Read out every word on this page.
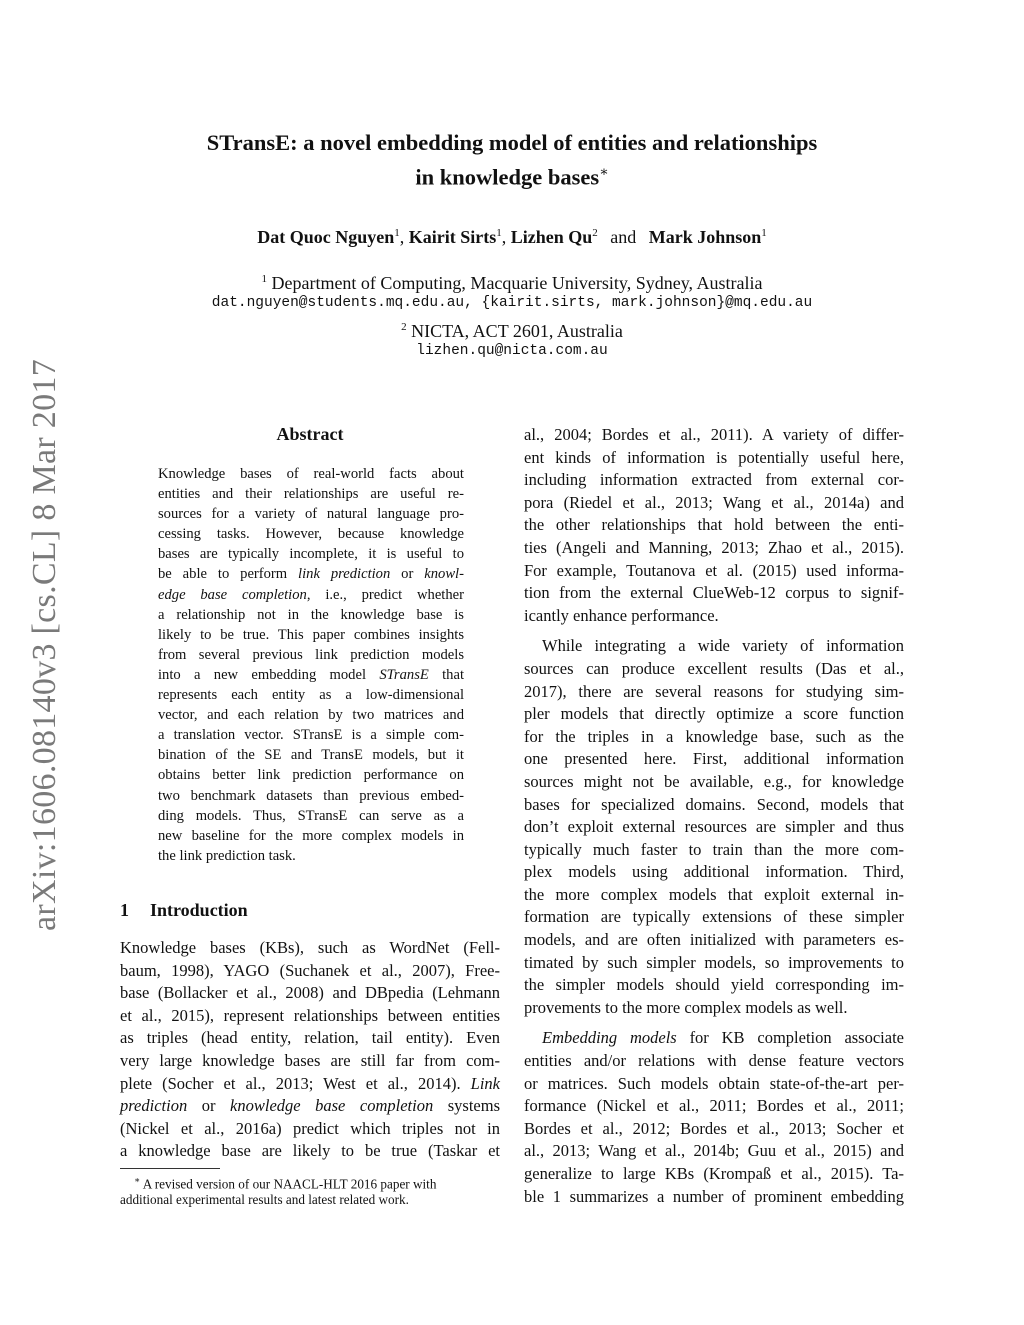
arXiv:1606.08140v3 [cs.CL] 8 Mar 2017
STransE: a novel embedding model of entities and relationships
in knowledge bases∗
Dat Quoc Nguyen$^1$, Kairit Sirts$^1$, Lizhen Qu$^2$ and Mark Johnson$^1$
$^1$ Department of Computing, Macquarie University, Sydney, Australia
dat.nguyen@students.mq.edu.au, {kairit.sirts, mark.johnson}@mq.edu.au
$^2$ NICTA, ACT 2601, Australia
lizhen.qu@nicta.com.au
Abstract
Knowledge bases of real-world facts about
entities and their relationships are useful re-
sources for a variety of natural language pro-
cessing tasks. However, because knowledge
bases are typically incomplete, it is useful to
be able to perform link prediction or knowl-
edge base completion, i.e., predict whether
a relationship not in the knowledge base is
likely to be true. This paper combines insights
from several previous link prediction models
into a new embedding model STransE that
represents each entity as a low-dimensional
vector, and each relation by two matrices and
a translation vector. STransE is a simple com-
bination of the SE and TransE models, but it
obtains better link prediction performance on
two benchmark datasets than previous embed-
ding models. Thus, STransE can serve as a
new baseline for the more complex models in
the link prediction task.
1 Introduction
Knowledge bases (KBs), such as WordNet (Fell-
baum, 1998), YAGO (Suchanek et al., 2007), Free-
base (Bollacker et al., 2008) and DBpedia (Lehmann
et al., 2015), represent relationships between entities
as triples (head entity, relation, tail entity). Even
very large knowledge bases are still far from com-
plete (Socher et al., 2013; West et al., 2014). Link
prediction or knowledge base completion systems
(Nickel et al., 2016a) predict which triples not in
a knowledge base are likely to be true (Taskar et
∗ A revised version of our NAACL-HLT 2016 paper with
additional experimental results and latest related work.
al., 2004; Bordes et al., 2011). A variety of differ-
ent kinds of information is potentially useful here,
including information extracted from external cor-
pora (Riedel et al., 2013; Wang et al., 2014a) and
the other relationships that hold between the enti-
ties (Angeli and Manning, 2013; Zhao et al., 2015).
For example, Toutanova et al. (2015) used informa-
tion from the external ClueWeb-12 corpus to signif-
icantly enhance performance.
While integrating a wide variety of information
sources can produce excellent results (Das et al.,
2017), there are several reasons for studying sim-
pler models that directly optimize a score function
for the triples in a knowledge base, such as the
one presented here. First, additional information
sources might not be available, e.g., for knowledge
bases for specialized domains. Second, models that
don’t exploit external resources are simpler and thus
typically much faster to train than the more com-
plex models using additional information. Third,
the more complex models that exploit external in-
formation are typically extensions of these simpler
models, and are often initialized with parameters es-
timated by such simpler models, so improvements to
the simpler models should yield corresponding im-
provements to the more complex models as well.
Embedding models for KB completion associate
entities and/or relations with dense feature vectors
or matrices. Such models obtain state-of-the-art per-
formance (Nickel et al., 2011; Bordes et al., 2011;
Bordes et al., 2012; Bordes et al., 2013; Socher et
al., 2013; Wang et al., 2014b; Guu et al., 2015) and
generalize to large KBs (Krompaß et al., 2015). Ta-
ble 1 summarizes a number of prominent embedding
